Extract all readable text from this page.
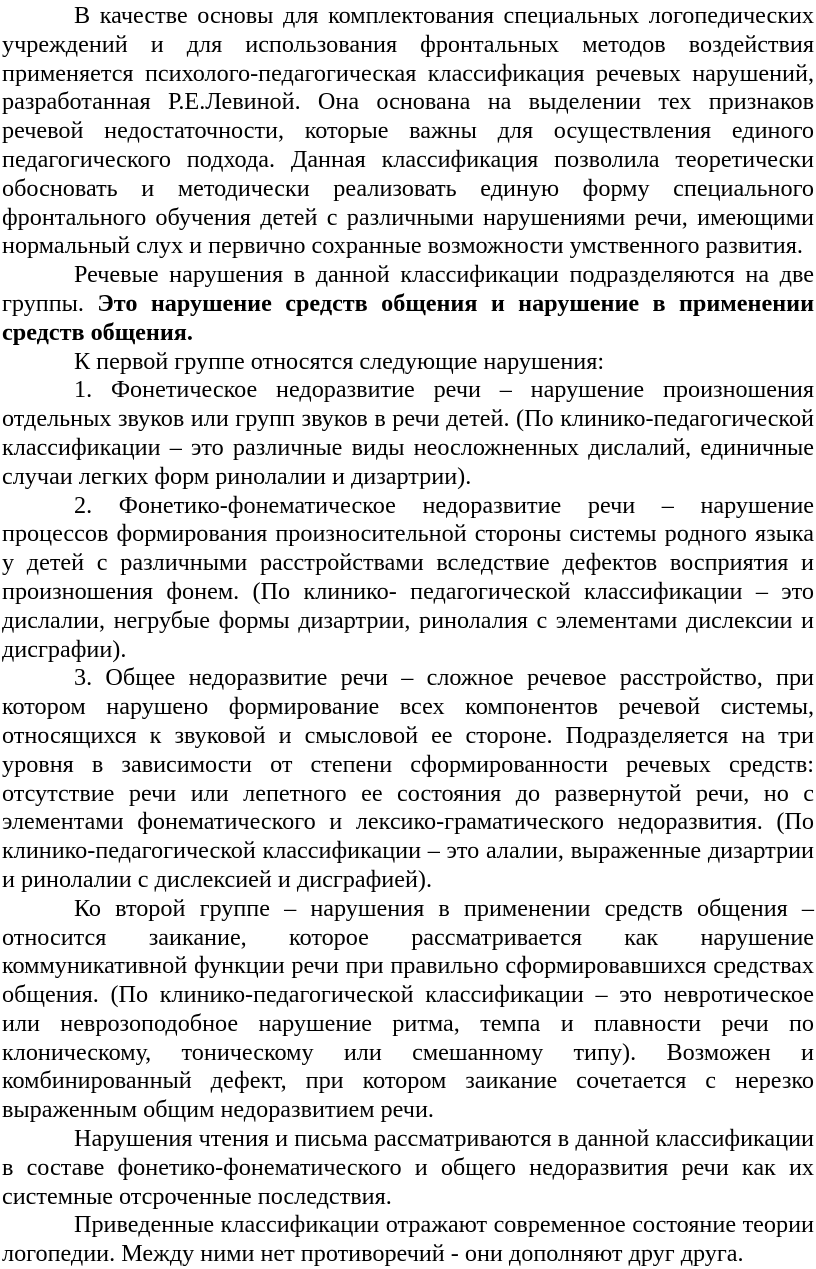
В качестве основы для комплектования специальных логопедических учреждений и для использования фронтальных методов воздействия применяется психолого-педагогическая классификация речевых нарушений, разработанная Р.Е.Левиной. Она основана на выделении тех признаков речевой недостаточности, которые важны для осуществления единого педагогического подхода. Данная классификация позволила теоретически обосновать и методически реализовать единую форму специального фронтального обучения детей с различными нарушениями речи, имеющими нормальный слух и первично сохранные возможности умственного развития.

Речевые нарушения в данной классификации подразделяются на две группы. Это нарушение средств общения и нарушение в применении средств общения.

К первой группе относятся следующие нарушения:

1. Фонетическое недоразвитие речи – нарушение произношения отдельных звуков или групп звуков в речи детей. (По клинико-педагогической классификации – это различные виды неосложненных дислалий, единичные случаи легких форм ринолалии и дизартрии).

2. Фонетико-фонематическое недоразвитие речи – нарушение процессов формирования произносительной стороны системы родного языка у детей с различными расстройствами вследствие дефектов восприятия и произношения фонем. (По клинико- педагогической классификации – это дислалии, негрубые формы дизартрии, ринолалия с элементами дислексии и дисграфии).

3. Общее недоразвитие речи – сложное речевое расстройство, при котором нарушено формирование всех компонентов речевой системы, относящихся к звуковой и смысловой ее стороне. Подразделяется на три уровня в зависимости от степени сформированности речевых средств: отсутствие речи или лепетного ее состояния до развернутой речи, но с элементами фонематического и лексико-граматического недоразвития. (По клинико-педагогической классификации – это алалии, выраженные дизартрии и ринолалии с дислексией и дисграфией).

Ко второй группе – нарушения в применении средств общения – относится заикание, которое рассматривается как нарушение коммуникативной функции речи при правильно сформировавшихся средствах общения. (По клинико-педагогической классификации – это невротическое или неврозоподобное нарушение ритма, темпа и плавности речи по клоническому, тоническому или смешанному типу). Возможен и комбинированный дефект, при котором заикание сочетается с нерезко выраженным общим недоразвитием речи.

Нарушения чтения и письма рассматриваются в данной классификации в составе фонетико-фонематического и общего недоразвития речи как их системные отсроченные последствия.

Приведенные классификации отражают современное состояние теории логопедии. Между ними нет противоречий - они дополняют друг друга.
